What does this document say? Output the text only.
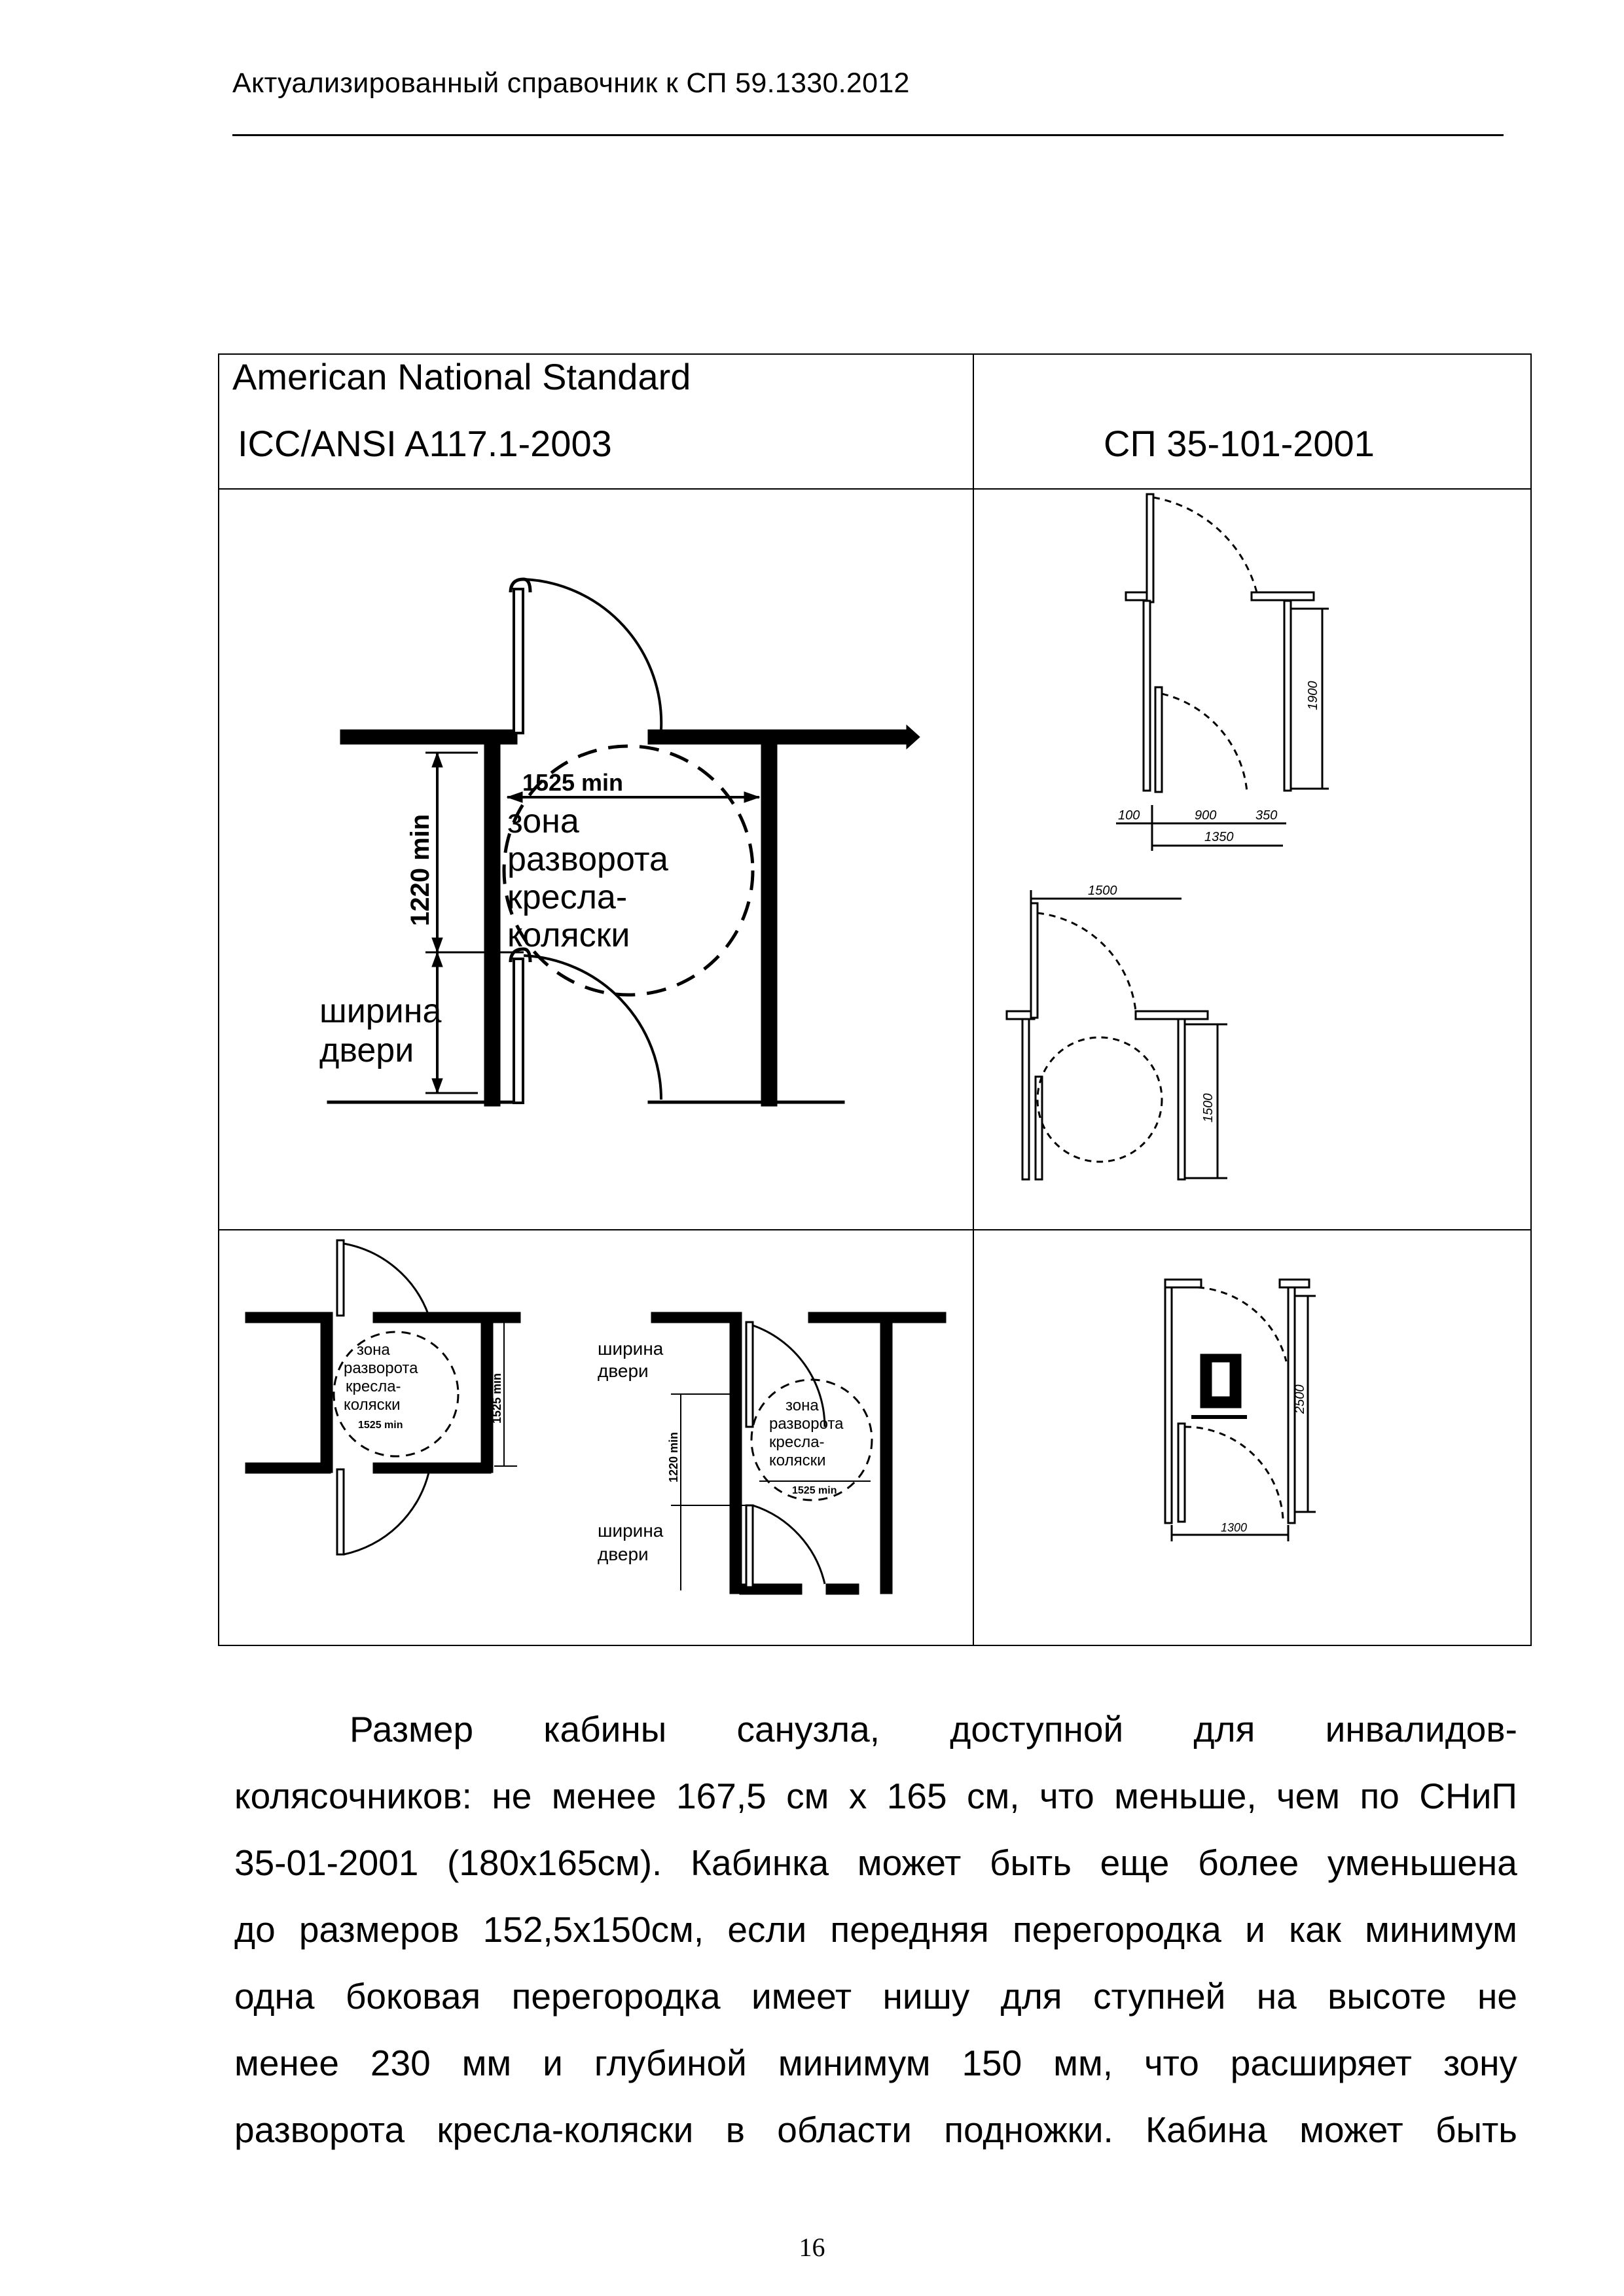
Актуализированный справочник к СП 59.1330.2012
American National Standard
ICC/ANSI A117.1-2003	СП 35-101-2001
1525 min
1220 min зона
разворота
кресла-
коляски
ширина
двери
1900
100	900	350
1350
1500
1500
зона
разворота
кресла-
коляски
1525 min
1525 min
ширина
двери
зона
разворота
кресла-
коляски
1525 min
1220 min
ширина
двери
2500
1300
Размер кабины санузла, доступной для инвалидов-
колясочников: не менее 167,5 см х 165 см, что меньше, чем по СНиП
35-01-2001 (180х165см). Кабинка может быть еще более уменьшена
до размеров 152,5х150см, если передняя перегородка и как минимум
одна боковая перегородка имеет нишу для ступней на высоте не
менее 230 мм и глубиной минимум 150 мм, что расширяет зону
разворота кресла-коляски в области подножки. Кабина может быть
16
